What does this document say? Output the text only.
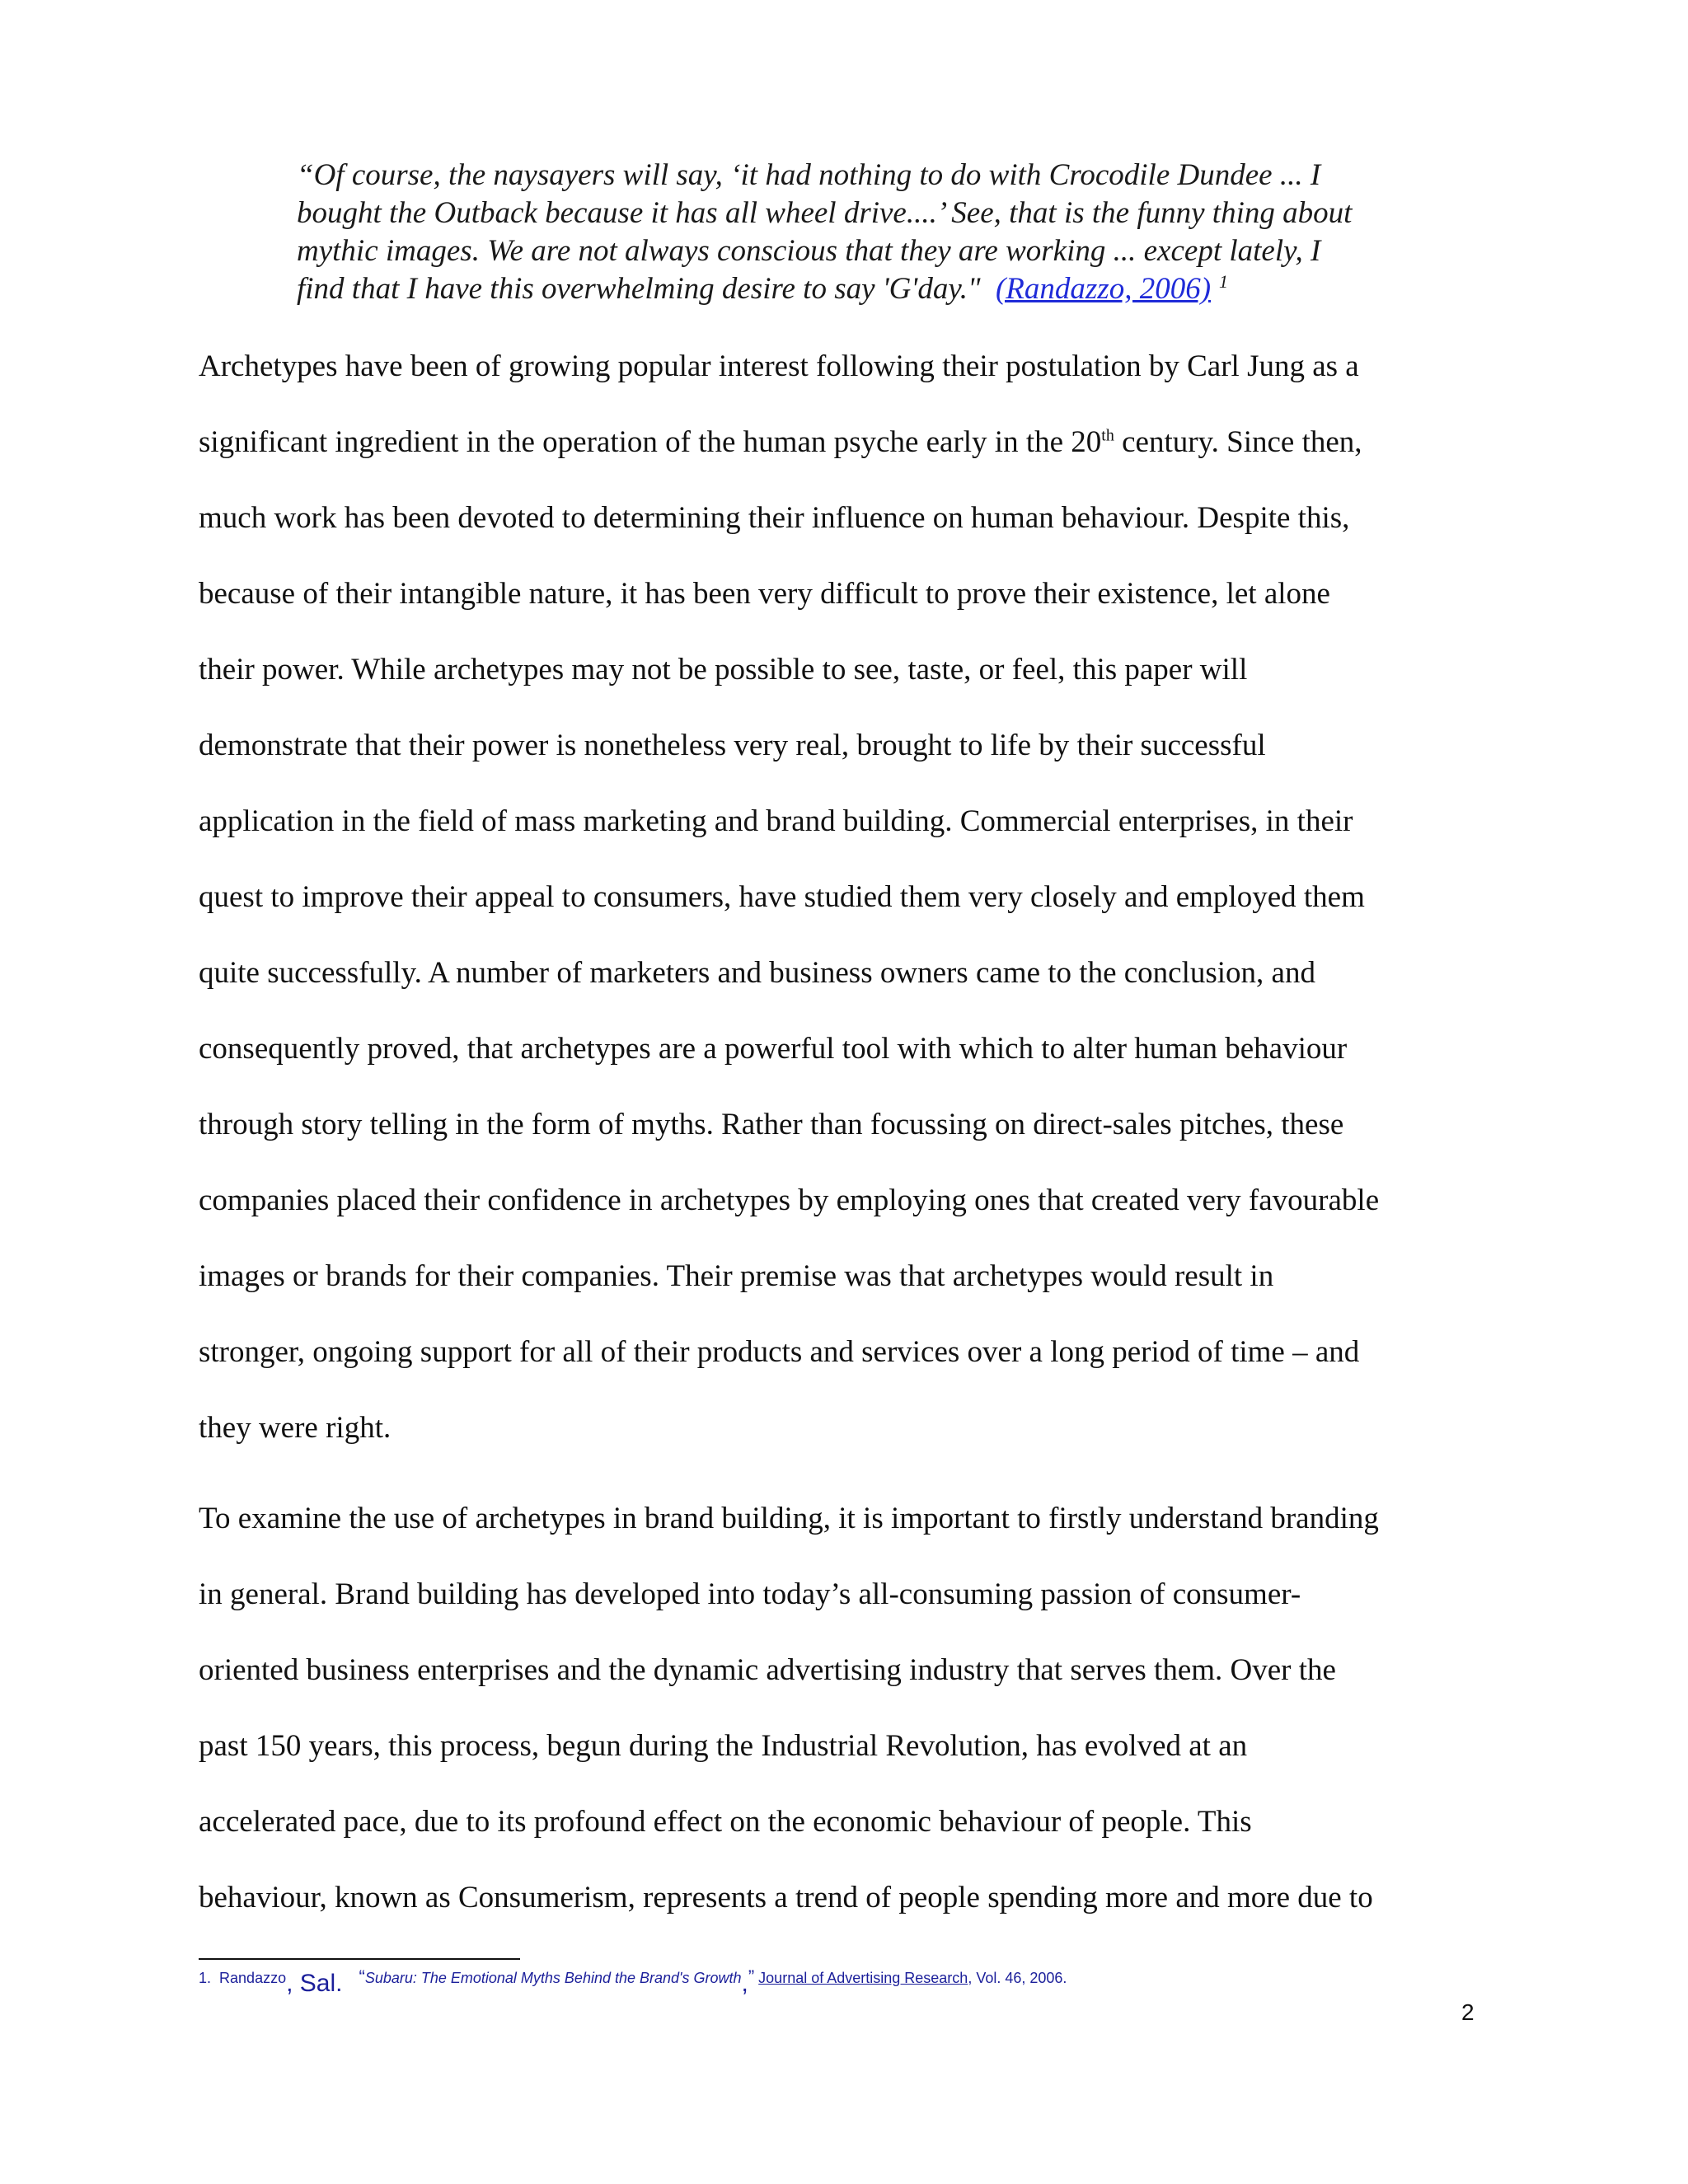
“Of course, the naysayers will say, ‘it had nothing to do with Crocodile Dundee ... I
bought the Outback because it has all wheel drive....’ See, that is the funny thing about
mythic images. We are not always conscious that they are working ... except lately, I
find that I have this overwhelming desire to say 'G'day." (Randazzo, 2006) $^1$
Archetypes have been of growing popular interest following their postulation by Carl Jung as a
significant ingredient in the operation of the human psyche early in the 20th century. Since then,
much work has been devoted to determining their influence on human behaviour. Despite this,
because of their intangible nature, it has been very difficult to prove their existence, let alone
their power. While archetypes may not be possible to see, taste, or feel, this paper will
demonstrate that their power is nonetheless very real, brought to life by their successful
application in the field of mass marketing and brand building. Commercial enterprises, in their
quest to improve their appeal to consumers, have studied them very closely and employed them
quite successfully. A number of marketers and business owners came to the conclusion, and
consequently proved, that archetypes are a powerful tool with which to alter human behaviour
through story telling in the form of myths. Rather than focussing on direct-sales pitches, these
companies placed their confidence in archetypes by employing ones that created very favourable
images or brands for their companies. Their premise was that archetypes would result in
stronger, ongoing support for all of their products and services over a long period of time – and
they were right.
To examine the use of archetypes in brand building, it is important to firstly understand branding
in general. Brand building has developed into today’s all-consuming passion of consumer-
oriented business enterprises and the dynamic advertising industry that serves them. Over the
past 150 years, this process, begun during the Industrial Revolution, has evolved at an
accelerated pace, due to its profound effect on the economic behaviour of people. This
behaviour, known as Consumerism, represents a trend of people spending more and more due to
1. Randazzo, Sal. “Subaru: The Emotional Myths Behind the Brand's Growth,” Journal of Advertising Research, Vol. 46, 2006.
2
